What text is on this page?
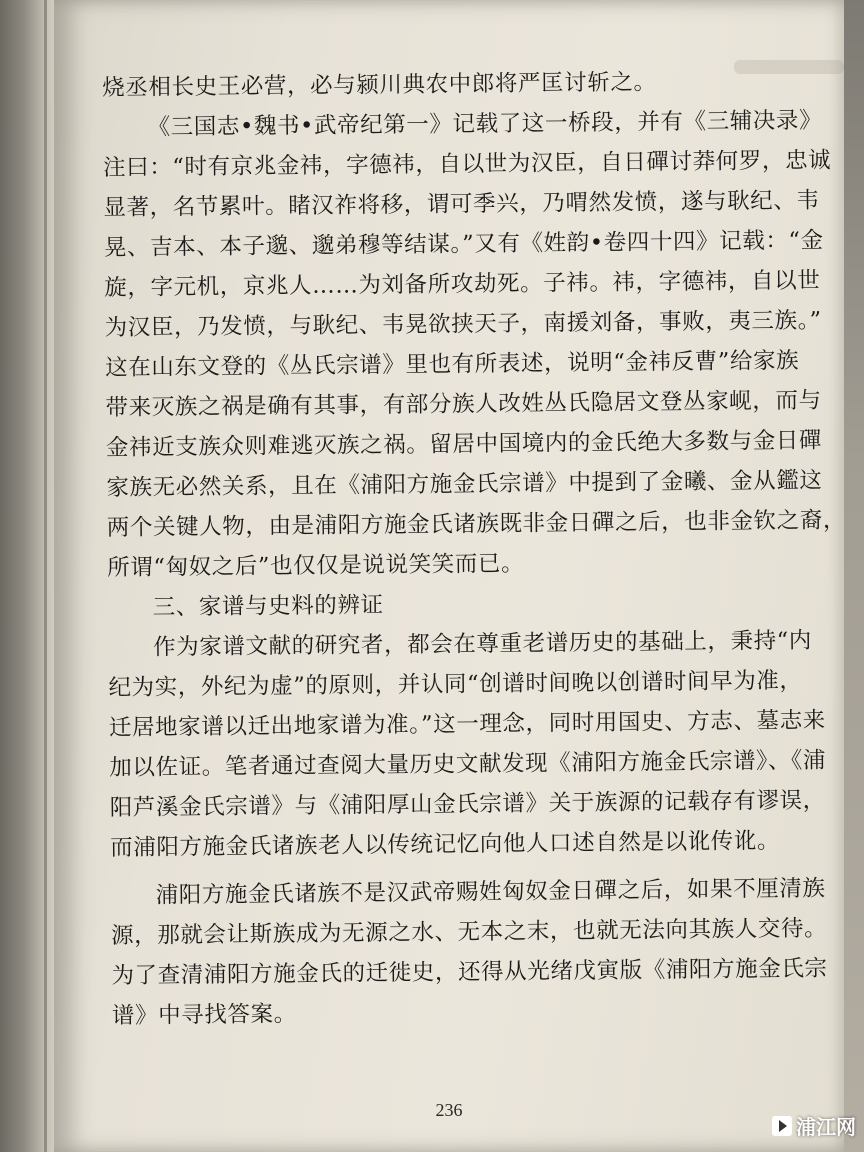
烧丞相长史王必营，必与颍川典农中郎将严匡讨斩之。
《三国志•魏书•武帝纪第一》记载了这一桥段，并有《三辅决录》
注曰：“时有京兆金祎，字德祎，自以世为汉臣，自日磾讨莽何罗，忠诚
显著，名节累叶。睹汉祚将移，谓可季兴，乃喟然发愤，遂与耿纪、韦
晃、吉本、本子邈、邈弟穆等结谋。”又有《姓韵•卷四十四》记载：“金
旋，字元机，京兆人……为刘备所攻劫死。子祎。祎，字德祎，自以世
为汉臣，乃发愤，与耿纪、韦晃欲挟天子，南援刘备，事败，夷三族。”
这在山东文登的《丛氏宗谱》里也有所表述，说明“金祎反曹”给家族
带来灭族之祸是确有其事，有部分族人改姓丛氏隐居文登丛家岘，而与
金祎近支族众则难逃灭族之祸。留居中国境内的金氏绝大多数与金日磾
家族无必然关系，且在《浦阳方施金氏宗谱》中提到了金曦、金从鑑这
两个关键人物，由是浦阳方施金氏诸族既非金日磾之后，也非金钦之裔，
所谓“匈奴之后”也仅仅是说说笑笑而已。
三、家谱与史料的辨证
作为家谱文献的研究者，都会在尊重老谱历史的基础上，秉持“内
纪为实，外纪为虚”的原则，并认同“创谱时间晚以创谱时间早为准，
迁居地家谱以迁出地家谱为准。”这一理念，同时用国史、方志、墓志来
加以佐证。笔者通过查阅大量历史文献发现《浦阳方施金氏宗谱》、《浦
阳芦溪金氏宗谱》与《浦阳厚山金氏宗谱》关于族源的记载存有谬误，
而浦阳方施金氏诸族老人以传统记忆向他人口述自然是以讹传讹。
浦阳方施金氏诸族不是汉武帝赐姓匈奴金日磾之后，如果不厘清族
源，那就会让斯族成为无源之水、无本之末，也就无法向其族人交待。
为了查清浦阳方施金氏的迁徙史，还得从光绪戊寅版《浦阳方施金氏宗
谱》中寻找答案。
236
浦江网
